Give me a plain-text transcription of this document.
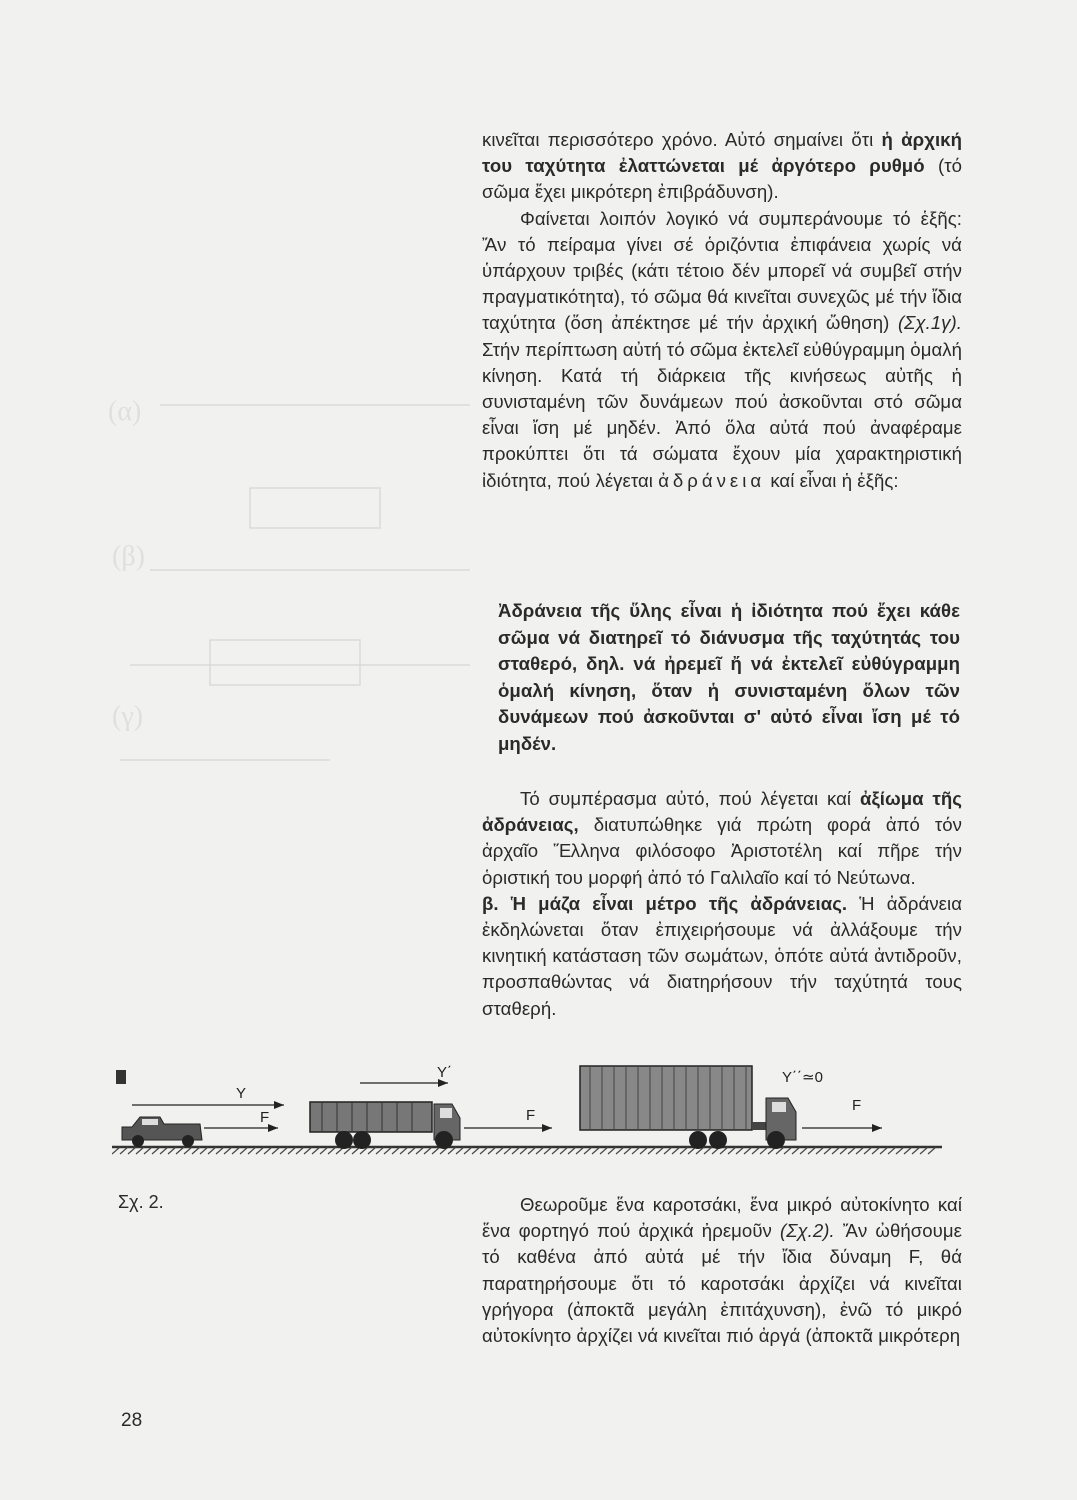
(α)
(β)
(γ)

κινεῖται περισσότερο χρόνο. Αὐτό σημαίνει ὅτι ἡ ἀρχική του ταχύτητα ἐλαττώνεται μέ ἀργότερο ρυθμό (τό σῶμα ἔχει μικρότερη ἐπιβράδυνση).

Φαίνεται λοιπόν λογικό νά συμπεράνουμε τό ἑξῆς: Ἄν τό πείραμα γίνει σέ ὁριζόντια ἐπιφάνεια χωρίς νά ὑπάρχουν τριβές (κάτι τέτοιο δέν μπορεῖ νά συμβεῖ στήν πραγματικότητα), τό σῶμα θά κινεῖται συνεχῶς μέ τήν ἴδια ταχύτητα (ὅση ἀπέκτησε μέ τήν ἀρχική ὤθηση) (Σχ.1γ). Στήν περίπτωση αὐτή τό σῶμα ἐκτελεῖ εὐθύγραμμη ὁμαλή κίνηση. Κατά τή διάρκεια τῆς κινήσεως αὐτῆς ἡ συνισταμένη τῶν δυνάμεων πού ἀσκοῦνται στό σῶμα εἶναι ἴση μέ μηδέν. Ἀπό ὅλα αὐτά πού ἀναφέραμε προκύπτει ὅτι τά σώματα ἔχουν μία χαρακτηριστική ἰδιότητα, πού λέγεται ἀδράνεια καί εἶναι ἡ ἑξῆς:

Ἀδράνεια τῆς ὕλης εἶναι ἡ ἰδιότητα πού ἔχει κάθε σῶμα νά διατηρεῖ τό διάνυσμα τῆς ταχύτητάς του σταθερό, δηλ. νά ἠρεμεῖ ἤ νά ἐκτελεῖ εὐθύγραμμη ὁμαλή κίνηση, ὅταν ἡ συνισταμένη ὅλων τῶν δυνάμεων πού ἀσκοῦνται σ' αὐτό εἶναι ἴση μέ τό μηδέν.

Τό συμπέρασμα αὐτό, πού λέγεται καί ἀξίωμα τῆς ἀδράνειας, διατυπώθηκε γιά πρώτη φορά ἀπό τόν ἀρχαῖο Ἕλληνα φιλόσοφο Ἀριστοτέλη καί πῆρε τήν ὁριστική του μορφή ἀπό τό Γαλιλαῖο καί τό Νεύτωνα.

β. Ἡ μάζα εἶναι μέτρο τῆς ἀδράνειας. Ἡ ἀδράνεια ἐκδηλώνεται ὅταν ἐπιχειρήσουμε νά ἀλλάξουμε τήν κινητική κατάσταση τῶν σωμάτων, ὁπότε αὐτά ἀντιδροῦν, προσπαθώντας νά διατηρήσουν τήν ταχύτητά τους σταθερή.

Υ
F
Υ΄
F
Υ΄΄≃0
F
Σχ. 2.	Θεωροῦμε ἕνα καροτσάκι, ἕνα μικρό αὐτοκίνητο καί ἕνα φορτηγό πού ἀρχικά ἠρεμοῦν (Σχ.2). Ἄν ὠθήσουμε τό καθένα ἀπό αὐτά μέ τήν ἴδια δύναμη F, θά παρατηρήσουμε ὅτι τό καροτσάκι ἀρχίζει νά κινεῖται γρήγορα (ἀποκτᾶ μεγάλη ἐπιτάχυνση), ἐνῶ τό μικρό αὐτοκίνητο ἀρχίζει νά κινεῖται πιό ἀργά (ἀποκτᾶ μικρότερη

28
